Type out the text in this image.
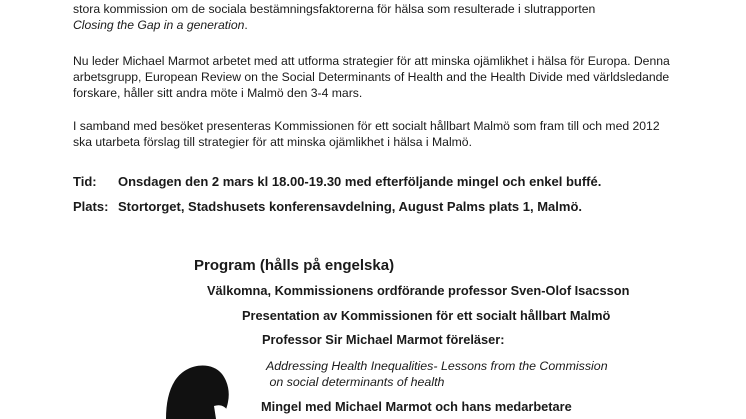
stora kommission om de sociala bestämningsfaktorerna för hälsa som resulterade i slutrapporten
Closing the Gap in a generation.

Nu leder Michael Marmot arbetet med att utforma strategier för att minska ojämlikhet i hälsa för Europa. Denna arbetsgrupp, European Review on the Social Determinants of Health and the Health Divide med världsledande forskare, håller sitt andra möte i Malmö den 3-4 mars.

I samband med besöket presenteras Kommissionen för ett socialt hållbart Malmö som fram till och med 2012 ska utarbeta förslag till strategier för att minska ojämlikhet i hälsa i Malmö.

Tid: Onsdagen den 2 mars kl 18.00-19.30 med efterföljande mingel och enkel buffé.
Plats: Stortorget, Stadshusets konferensavdelning, August Palms plats 1, Malmö.
Program (hålls på engelska)
Välkomna, Kommissionens ordförande professor Sven-Olof Isacsson
Presentation av Kommissionen för ett socialt hållbart Malmö
Professor Sir Michael Marmot föreläser:
Addressing Health Inequalities- Lessons from the Commission
on social determinants of health
Mingel med Michael Marmot och hans medarbetare
